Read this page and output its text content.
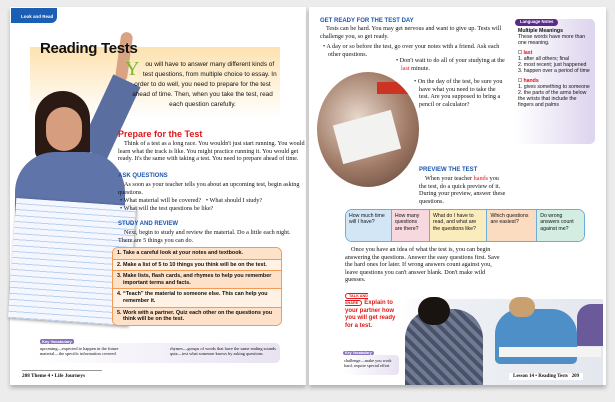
Look and Read
Reading Tests
You will have to answer many different kinds of test questions, from multiple choice to essay. In order to do well, you need to prepare for the test ahead of time. Then, when you take the test, read each question carefully.
Prepare for the Test
Think of a test as a long race. You wouldn't just start running. You would learn what the track is like. You might practice running it. You would get ready. It's the same with taking a test. You need to prepare ahead of time.
ASK QUESTIONS
As soon as your teacher tells you about an upcoming test, begin asking questions.
• What material will be covered? • What should I study?
• What will the test questions be like?
STUDY AND REVIEW
Next, begin to study and review the material. Do a little each night. There are 5 things you can do.
1. Take a careful look at your notes and textbook.
2. Make a list of 5 to 10 things you think will be on the test.
3. Make lists, flash cards, and rhymes to help you remember important terms and facts.
4. “Teach” the material to someone else. This can help you remember it.
5. Work with a partner. Quiz each other on the questions you think will be on the test.
Key Vocabulary
upcoming—expected to happen in the future
material—the specific information covered
rhymes—groups of words that have the same ending sounds
quiz—test what someone knows by asking questions
208 Theme 4 • Life Journeys
GET READY FOR THE TEST DAY
Tests can be hard. You may get nervous and want to give up. Tests will challenge you, so get ready.
• A day or so before the test, go over your notes with a friend. Ask each other questions.
• Don't wait to do all of your studying at the last minute.
• On the day of the test, be sure you have what you need to take the test. Are you supposed to bring a pencil or calculator?
PREVIEW THE TEST
When your teacher hands you the test, do a quick preview of it. During your preview, answer these questions.
How much time will I have?
How many questions are there?
What do I have to read, and what are the questions like?
Which questions are easiest?
Do wrong answers count against me?
Once you have an idea of what the test is, you can begin answering the questions. Answer the easy questions first. Save the hard ones for later. If wrong answers count against you, leave questions you can't answer blank. Don't make wild guesses.
TALK AND SHARE Explain to your partner how you will get ready for a test.
Key Vocabulary
challenge—make you work hard, require special effort
Lesson 14 • Reading Tests   209
Language Notes
Multiple Meanings
These words have more than one meaning.
last
1. after all others; final
2. most recent; just happened
3. happen over a period of time
hands
1. gives something to someone
2. the parts of the arms below the wrists that include the fingers and palms
